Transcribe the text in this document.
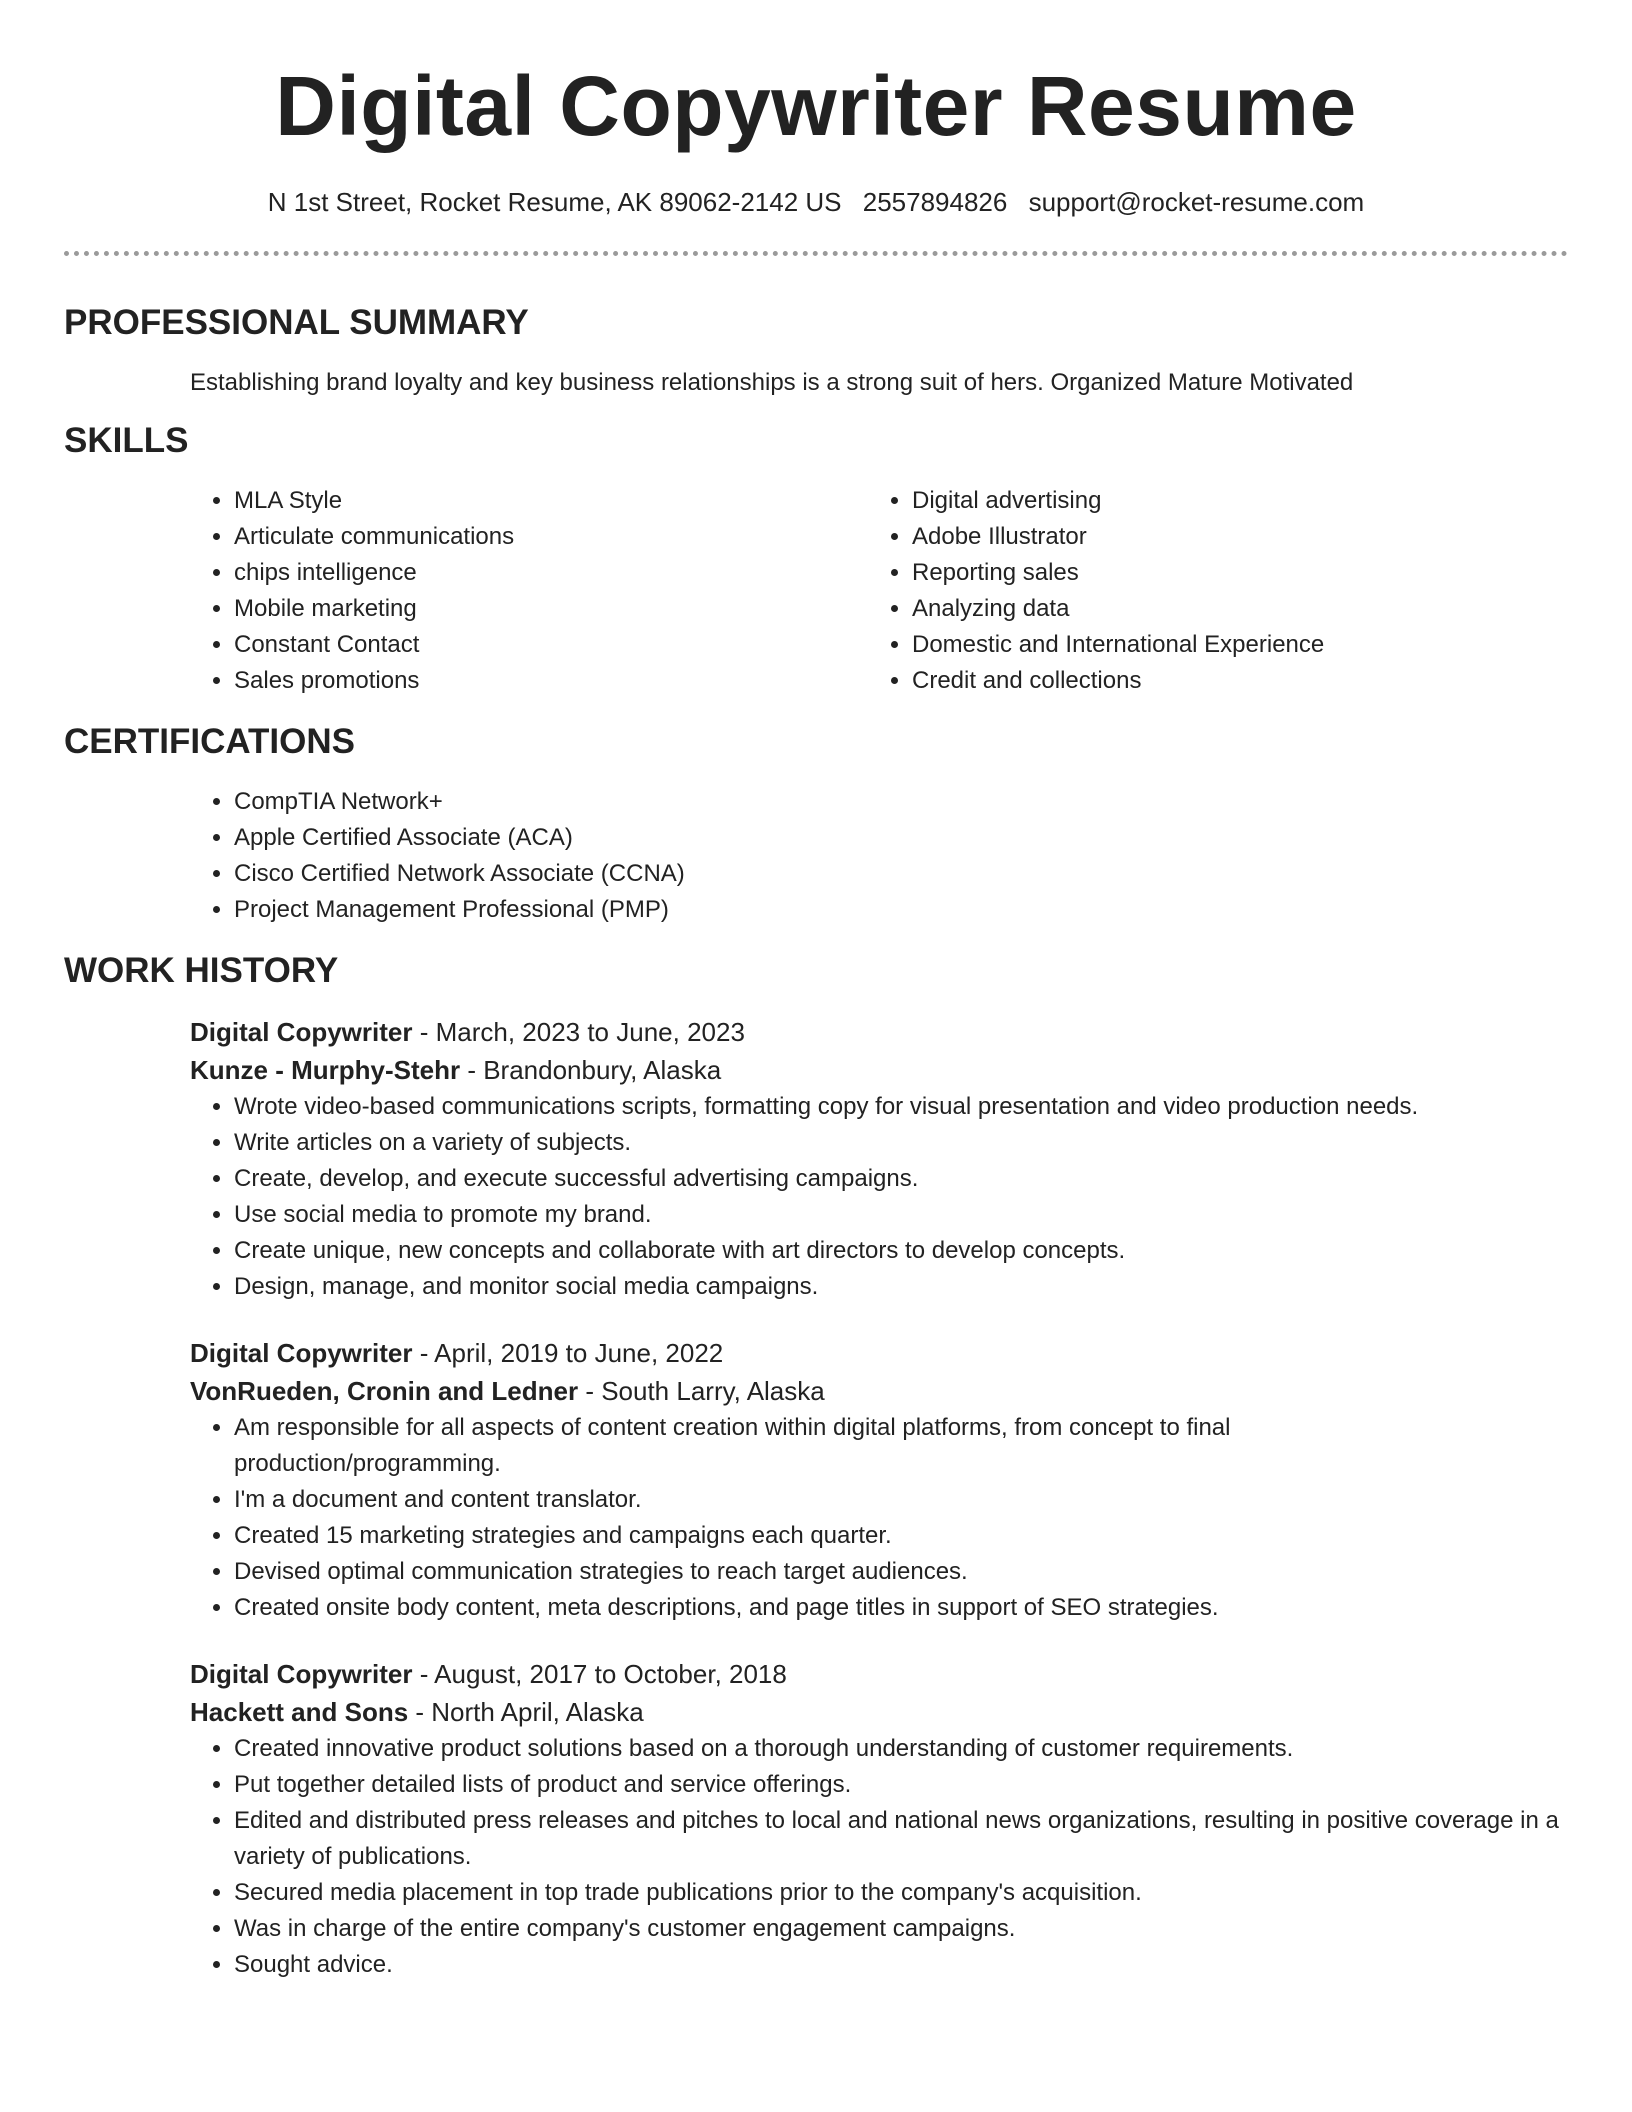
Digital Copywriter Resume
N 1st Street, Rocket Resume, AK 89062-2142 US 2557894826 support@rocket-resume.com
PROFESSIONAL SUMMARY
Establishing brand loyalty and key business relationships is a strong suit of hers. Organized Mature Motivated
SKILLS
• MLA Style
• Articulate communications
• chips intelligence
• Mobile marketing
• Constant Contact
• Sales promotions
• Digital advertising
• Adobe Illustrator
• Reporting sales
• Analyzing data
• Domestic and International Experience
• Credit and collections
CERTIFICATIONS
• CompTIA Network+
• Apple Certified Associate (ACA)
• Cisco Certified Network Associate (CCNA)
• Project Management Professional (PMP)
WORK HISTORY
Digital Copywriter - March, 2023 to June, 2023
Kunze - Murphy-Stehr - Brandonbury, Alaska
• Wrote video-based communications scripts, formatting copy for visual presentation and video production needs.
• Write articles on a variety of subjects.
• Create, develop, and execute successful advertising campaigns.
• Use social media to promote my brand.
• Create unique, new concepts and collaborate with art directors to develop concepts.
• Design, manage, and monitor social media campaigns.
Digital Copywriter - April, 2019 to June, 2022
VonRueden, Cronin and Ledner - South Larry, Alaska
• Am responsible for all aspects of content creation within digital platforms, from concept to final production/programming.
• I'm a document and content translator.
• Created 15 marketing strategies and campaigns each quarter.
• Devised optimal communication strategies to reach target audiences.
• Created onsite body content, meta descriptions, and page titles in support of SEO strategies.
Digital Copywriter - August, 2017 to October, 2018
Hackett and Sons - North April, Alaska
• Created innovative product solutions based on a thorough understanding of customer requirements.
• Put together detailed lists of product and service offerings.
• Edited and distributed press releases and pitches to local and national news organizations, resulting in positive coverage in a variety of publications.
• Secured media placement in top trade publications prior to the company's acquisition.
• Was in charge of the entire company's customer engagement campaigns.
• Sought advice.
